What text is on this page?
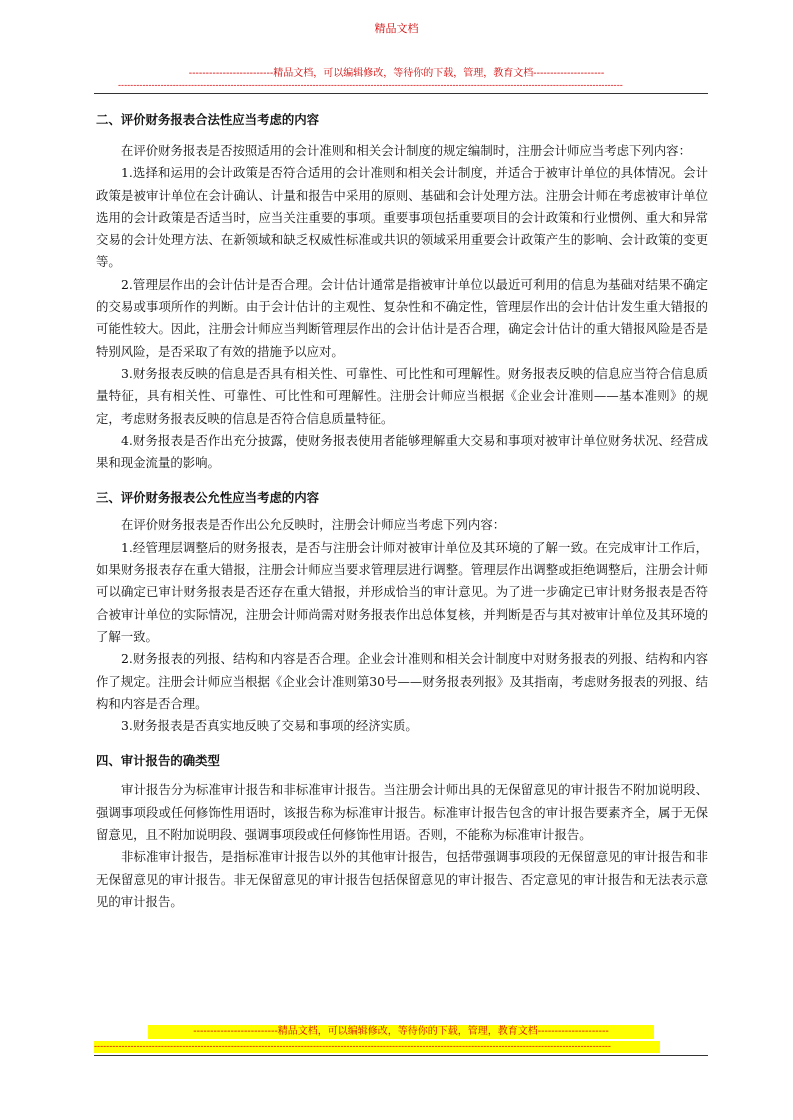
精品文档
-------------------------精品文档，可以编辑修改，等待你的下载，管理，教育文档---------------------
----------------------------------------------------------------------------------------------------------------------------------------------------------------------

二、评价财务报表合法性应当考虑的内容

在评价财务报表是否按照适用的会计准则和相关会计制度的规定编制时，注册会计师应当考虑下列内容：

1.选择和运用的会计政策是否符合适用的会计准则和相关会计制度，并适合于被审计单位的具体情况。会计政策是被审计单位在会计确认、计量和报告中采用的原则、基础和会计处理方法。注册会计师在考虑被审计单位选用的会计政策是否适当时，应当关注重要的事项。重要事项包括重要项目的会计政策和行业惯例、重大和异常交易的会计处理方法、在新领域和缺乏权威性标准或共识的领域采用重要会计政策产生的影响、会计政策的变更等。

2.管理层作出的会计估计是否合理。会计估计通常是指被审计单位以最近可利用的信息为基础对结果不确定的交易或事项所作的判断。由于会计估计的主观性、复杂性和不确定性，管理层作出的会计估计发生重大错报的可能性较大。因此，注册会计师应当判断管理层作出的会计估计是否合理，确定会计估计的重大错报风险是否是特别风险，是否采取了有效的措施予以应对。

3.财务报表反映的信息是否具有相关性、可靠性、可比性和可理解性。财务报表反映的信息应当符合信息质量特征，具有相关性、可靠性、可比性和可理解性。注册会计师应当根据《企业会计准则——基本准则》的规定，考虑财务报表反映的信息是否符合信息质量特征。

4.财务报表是否作出充分披露，使财务报表使用者能够理解重大交易和事项对被审计单位财务状况、经营成果和现金流量的影响。

三、评价财务报表公允性应当考虑的内容

在评价财务报表是否作出公允反映时，注册会计师应当考虑下列内容：

1.经管理层调整后的财务报表，是否与注册会计师对被审计单位及其环境的了解一致。在完成审计工作后，如果财务报表存在重大错报，注册会计师应当要求管理层进行调整。管理层作出调整或拒绝调整后，注册会计师可以确定已审计财务报表是否还存在重大错报，并形成恰当的审计意见。为了进一步确定已审计财务报表是否符合被审计单位的实际情况，注册会计师尚需对财务报表作出总体复核，并判断是否与其对被审计单位及其环境的了解一致。

2.财务报表的列报、结构和内容是否合理。企业会计准则和相关会计制度中对财务报表的列报、结构和内容作了规定。注册会计师应当根据《企业会计准则第30号——财务报表列报》及其指南，考虑财务报表的列报、结构和内容是否合理。

3.财务报表是否真实地反映了交易和事项的经济实质。

四、审计报告的确类型

审计报告分为标准审计报告和非标准审计报告。当注册会计师出具的无保留意见的审计报告不附加说明段、强调事项段或任何修饰性用语时，该报告称为标准审计报告。标准审计报告包含的审计报告要素齐全，属于无保留意见，且不附加说明段、强调事项段或任何修饰性用语。否则，不能称为标准审计报告。

非标准审计报告，是指标准审计报告以外的其他审计报告，包括带强调事项段的无保留意见的审计报告和非无保留意见的审计报告。非无保留意见的审计报告包括保留意见的审计报告、否定意见的审计报告和无法表示意见的审计报告。

-------------------------精品文档，可以编辑修改，等待你的下载，管理，教育文档---------------------
--------------------------------------------------------------------------------------------------------------------------------------------------------------------------
